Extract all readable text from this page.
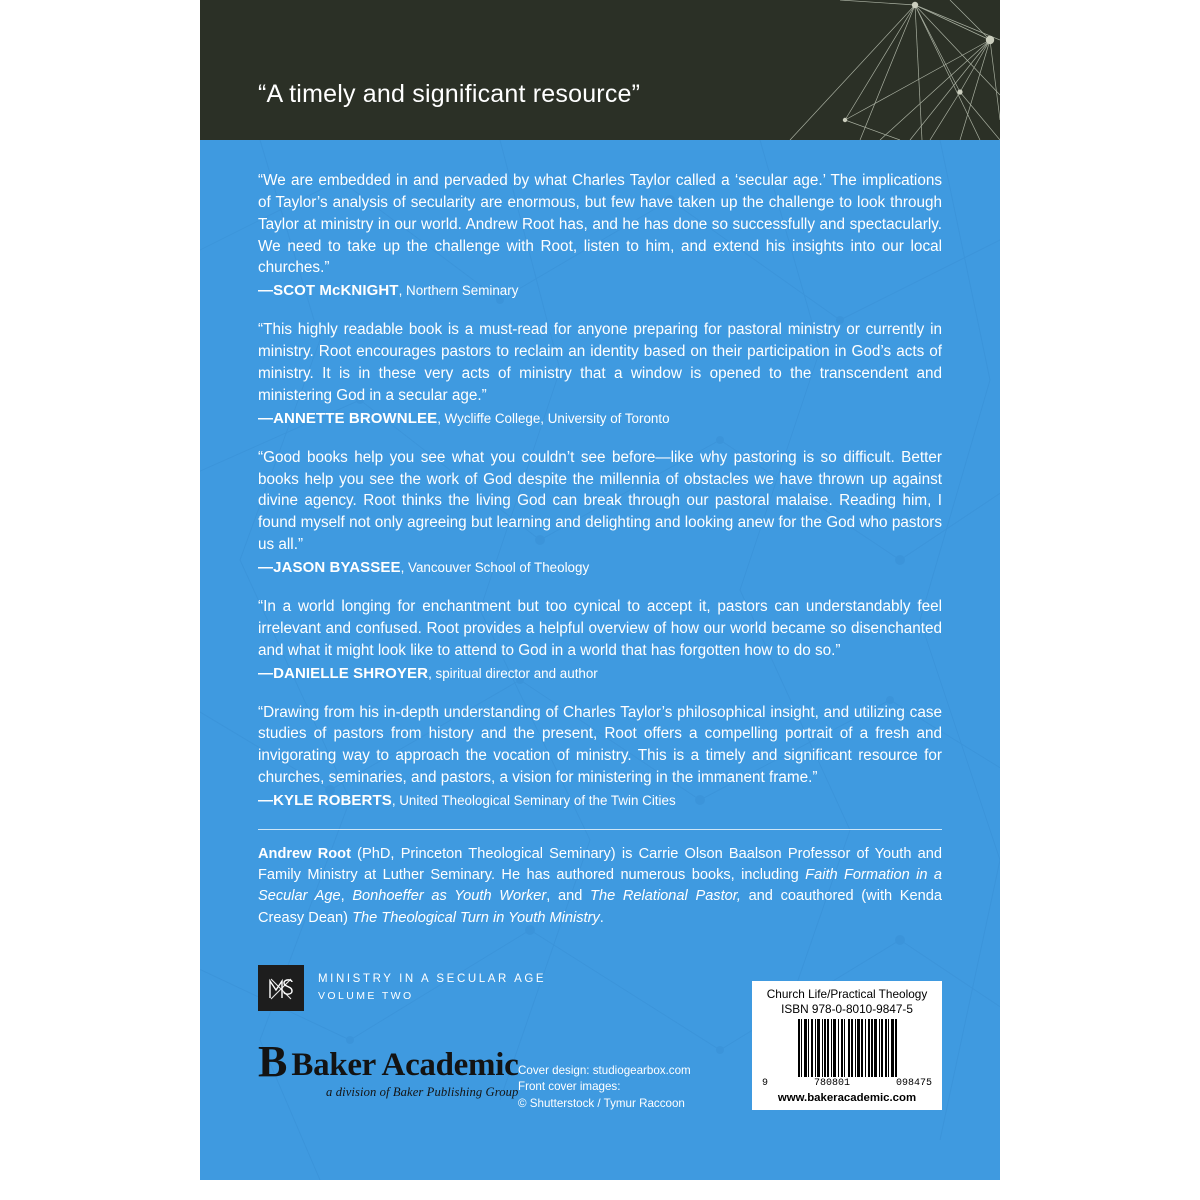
“A timely and significant resource”

“We are embedded in and pervaded by what Charles Taylor called a ‘secular age.’ The implications of Taylor’s analysis of secularity are enormous, but few have taken up the challenge to look through Taylor at ministry in our world. Andrew Root has, and he has done so successfully and spectacularly. We need to take up the challenge with Root, listen to him, and extend his insights into our local churches.”

—SCOT McKNIGHT, Northern Seminary

“This highly readable book is a must-read for anyone preparing for pastoral ministry or currently in ministry. Root encourages pastors to reclaim an identity based on their participation in God’s acts of ministry. It is in these very acts of ministry that a window is opened to the transcendent and ministering God in a secular age.”

—ANNETTE BROWNLEE, Wycliffe College, University of Toronto

“Good books help you see what you couldn’t see before—like why pastoring is so difficult. Better books help you see the work of God despite the millennia of obstacles we have thrown up against divine agency. Root thinks the living God can break through our pastoral malaise. Reading him, I found myself not only agreeing but learning and delighting and looking anew for the God who pastors us all.”

—JASON BYASSEE, Vancouver School of Theology

“In a world longing for enchantment but too cynical to accept it, pastors can understandably feel irrelevant and confused. Root provides a helpful overview of how our world became so disenchanted and what it might look like to attend to God in a world that has forgotten how to do so.”

—DANIELLE SHROYER, spiritual director and author

“Drawing from his in-depth understanding of Charles Taylor’s philosophical insight, and utilizing case studies of pastors from history and the present, Root offers a compelling portrait of a fresh and invigorating way to approach the vocation of ministry. This is a timely and significant resource for churches, seminaries, and pastors, a vision for ministering in the immanent frame.”

—KYLE ROBERTS, United Theological Seminary of the Twin Cities
Andrew Root (PhD, Princeton Theological Seminary) is Carrie Olson Baalson Professor of Youth and Family Ministry at Luther Seminary. He has authored numerous books, including Faith Formation in a Secular Age, Bonhoeffer as Youth Worker, and The Relational Pastor, and coauthored (with Kenda Creasy Dean) The Theological Turn in Youth Ministry.
MINISTRY IN A SECULAR AGE
VOLUME TWO
B Baker Academic
a division of Baker Publishing Group
Cover design: studiogearbox.com
Front cover images:
© Shutterstock / Tymur Raccoon
Church Life/Practical Theology
ISBN 978-0-8010-9847-5
9	780801	098475
www.bakeracademic.com
